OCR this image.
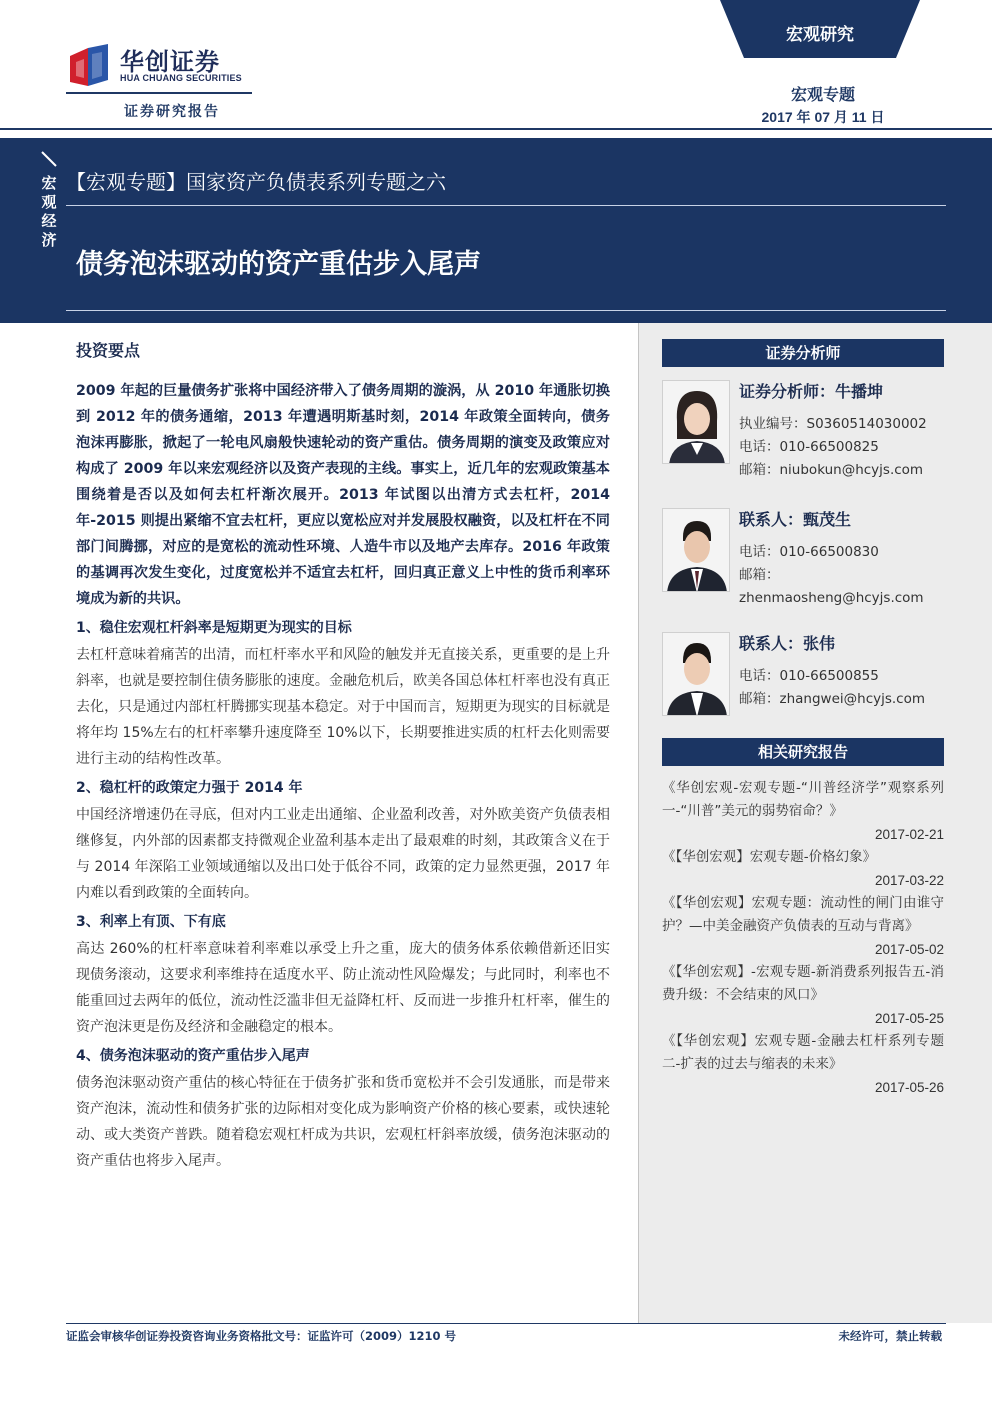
华创证券
HUA CHUANG SECURITIES
证券研究报告
宏观研究
宏观专题
2017 年 07 月 11 日
宏观经济
【宏观专题】国家资产负债表系列专题之六
债务泡沫驱动的资产重估步入尾声
投资要点
2009 年起的巨量债务扩张将中国经济带入了债务周期的漩涡，从 2010 年通胀切换到 2012 年的债务通缩，2013 年遭遇明斯基时刻，2014 年政策全面转向，债务泡沫再膨胀，掀起了一轮电风扇般快速轮动的资产重估。债务周期的演变及政策应对构成了 2009 年以来宏观经济以及资产表现的主线。事实上，近几年的宏观政策基本围绕着是否以及如何去杠杆渐次展开。2013 年试图以出清方式去杠杆，2014 年-2015 则提出紧缩不宜去杠杆，更应以宽松应对并发展股权融资，以及杠杆在不同部门间腾挪，对应的是宽松的流动性环境、人造牛市以及地产去库存。2016 年政策的基调再次发生变化，过度宽松并不适宜去杠杆，回归真正意义上中性的货币利率环境成为新的共识。
1、稳住宏观杠杆斜率是短期更为现实的目标
去杠杆意味着痛苦的出清，而杠杆率水平和风险的触发并无直接关系，更重要的是上升斜率，也就是要控制住债务膨胀的速度。金融危机后，欧美各国总体杠杆率也没有真正去化，只是通过内部杠杆腾挪实现基本稳定。对于中国而言，短期更为现实的目标就是将年均 15%左右的杠杆率攀升速度降至 10%以下，长期要推进实质的杠杆去化则需要进行主动的结构性改革。
2、稳杠杆的政策定力强于 2014 年
中国经济增速仍在寻底，但对内工业走出通缩、企业盈利改善，对外欧美资产负债表相继修复，内外部的因素都支持微观企业盈利基本走出了最艰难的时刻，其政策含义在于与 2014 年深陷工业领域通缩以及出口处于低谷不同，政策的定力显然更强，2017 年内难以看到政策的全面转向。
3、利率上有顶、下有底
高达 260%的杠杆率意味着利率难以承受上升之重，庞大的债务体系依赖借新还旧实现债务滚动，这要求利率维持在适度水平、防止流动性风险爆发；与此同时，利率也不能重回过去两年的低位，流动性泛滥非但无益降杠杆、反而进一步推升杠杆率，催生的资产泡沫更是伤及经济和金融稳定的根本。
4、债务泡沫驱动的资产重估步入尾声
债务泡沫驱动资产重估的核心特征在于债务扩张和货币宽松并不会引发通胀，而是带来资产泡沫，流动性和债务扩张的边际相对变化成为影响资产价格的核心要素，或快速轮动、或大类资产普跌。随着稳宏观杠杆成为共识，宏观杠杆斜率放缓，债务泡沫驱动的资产重估也将步入尾声。
证券分析师
证券分析师：牛播坤
执业编号：S0360514030002
电话：010-66500825
邮箱：niubokun@hcyjs.com
联系人：甄茂生
电话：010-66500830
邮箱：
zhenmaosheng@hcyjs.com
联系人：张伟
电话：010-66500855
邮箱：zhangwei@hcyjs.com
相关研究报告
《华创宏观-宏观专题-“川普经济学”观察系列一-“川普”美元的弱势宿命？》
2017-02-21
《【华创宏观】宏观专题-价格幻象》
2017-03-22
《【华创宏观】宏观专题：流动性的闸门由谁守护？—中美金融资产负债表的互动与背离》
2017-05-02
《【华创宏观】-宏观专题-新消费系列报告五-消费升级：不会结束的风口》
2017-05-25
《【华创宏观】宏观专题-金融去杠杆系列专题二-扩表的过去与缩表的未来》
2017-05-26
证监会审核华创证券投资咨询业务资格批文号：证监许可（2009）1210 号	未经许可，禁止转载
